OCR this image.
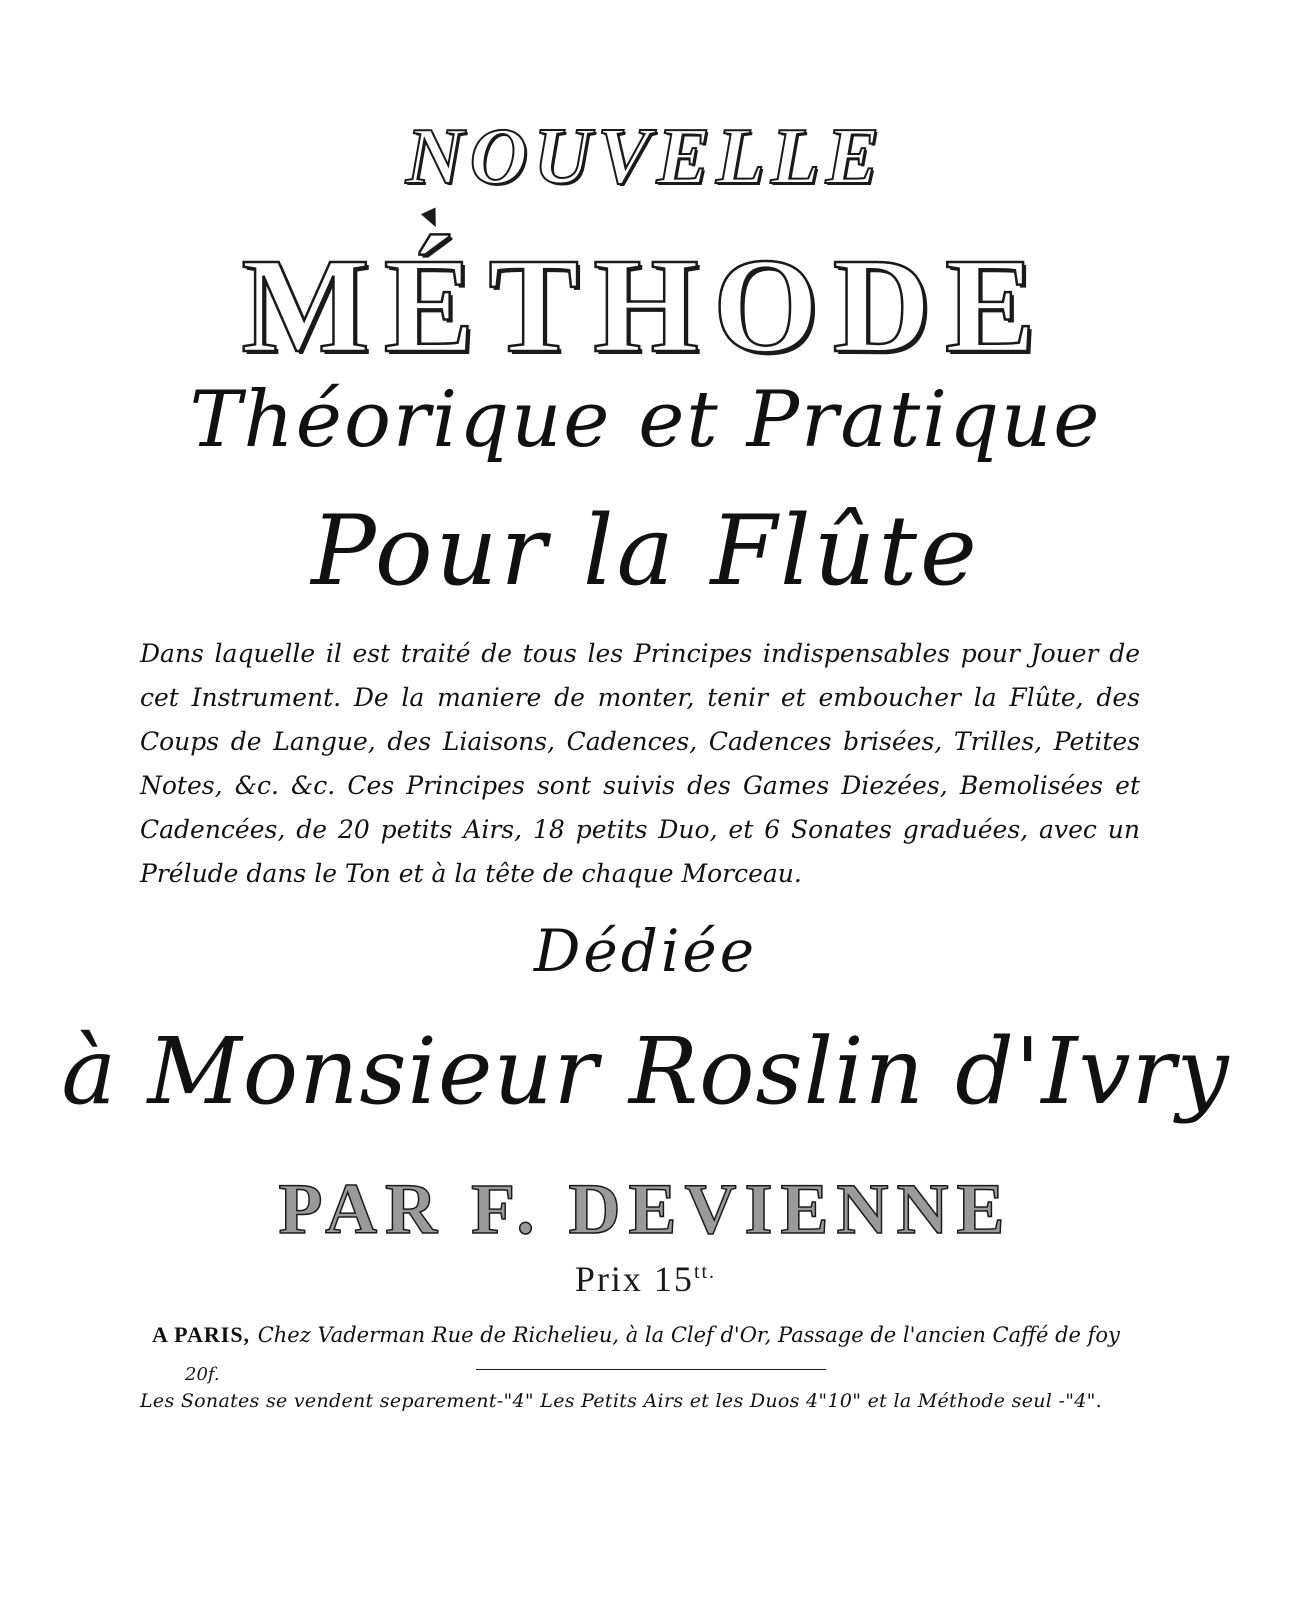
NOUVELLE
MÉTHODE
Théorique et Pratique
Pour la Flûte
Dans laquelle il est traité de tous les Principes indispensables pour Jouer de cet Instrument. De la maniere de monter, tenir et emboucher la Flûte, des Coups de Langue, des Liaisons, Cadences, Cadences brisées, Trilles, Petites Notes, &c. &c. Ces Principes sont suivis des Games Diezées, Bemolisées et Cadencées, de 20 petits Airs, 18 petits Duo, et 6 Sonates graduées, avec un Prélude dans le Ton et à la tête de chaque Morceau.
Dédiée
à Monsieur Roslin d'Ivry
PAR F. DEVIENNE
Prix $15^{tt.}$
A PARIS, Chez Vaderman Rue de Richelieu, à la Clef d'Or, Passage de l'ancien Caffé de foy
20f.
Les Sonates se vendent separement-"4" Les Petits Airs et les Duos 4"10" et la Méthode seul -"4".
